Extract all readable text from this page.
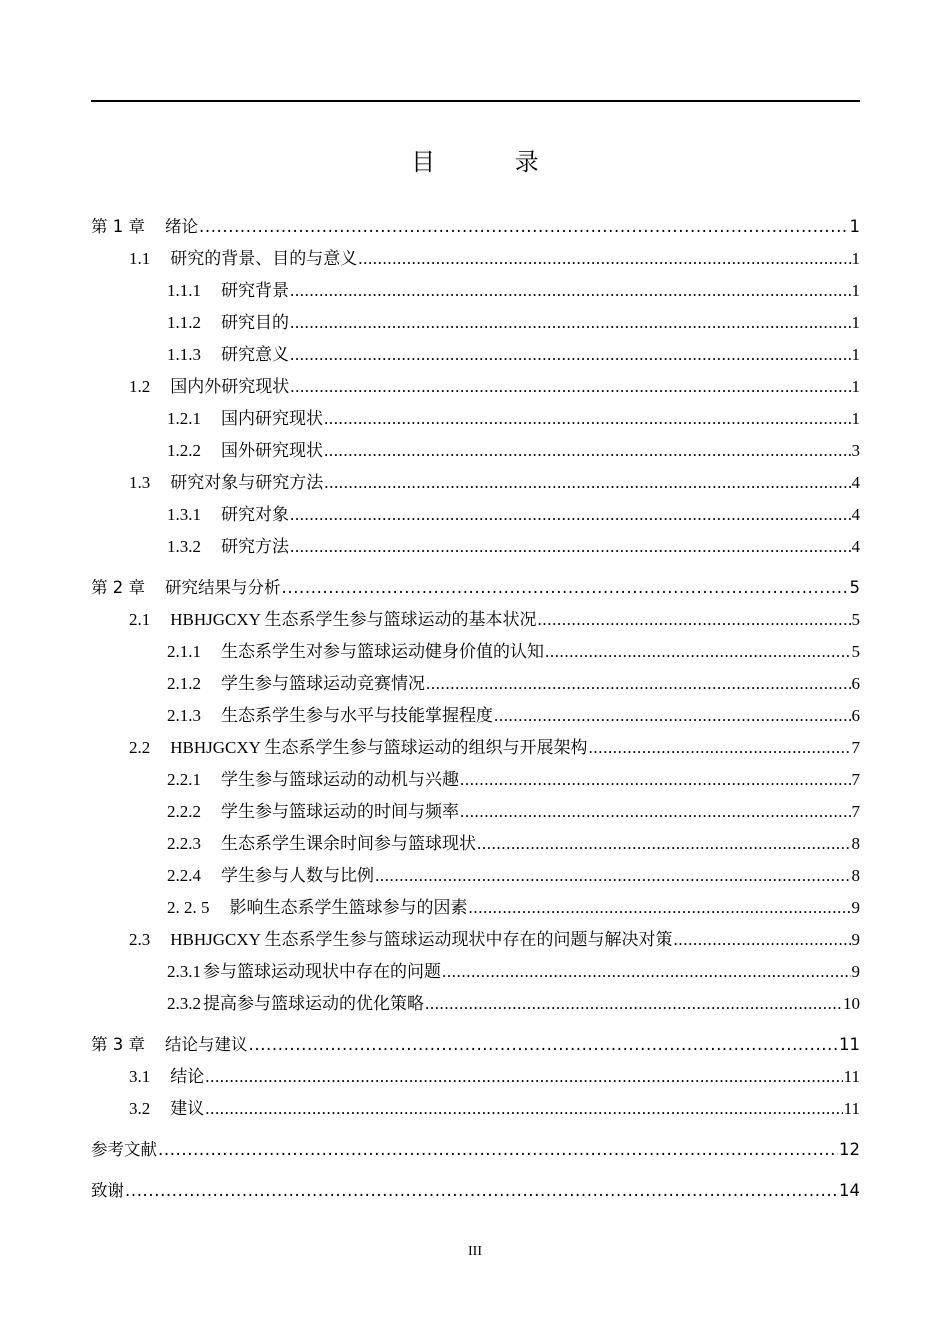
目 录
第 1 章 绪论 .....	1
1.1 研究的背景、目的与意义 .....	1
1.1.1 研究背景 .....	1
1.1.2 研究目的 .....	1
1.1.3 研究意义 .....	1
1.2 国内外研究现状 .....	1
1.2.1 国内研究现状 .....	1
1.2.2 国外研究现状 .....	3
1.3 研究对象与研究方法 .....	4
1.3.1 研究对象 .....	4
1.3.2 研究方法 .....	4
第 2 章 研究结果与分析 .....	5
2.1 HBHJGCXY 生态系学生参与篮球运动的基本状况 .....	5
2.1.1 生态系学生对参与篮球运动健身价值的认知 .....	5
2.1.2 学生参与篮球运动竞赛情况 .....	6
2.1.3 生态系学生参与水平与技能掌握程度 .....	6
2.2 HBHJGCXY 生态系学生参与篮球运动的组织与开展架构 .....	7
2.2.1 学生参与篮球运动的动机与兴趣 .....	7
2.2.2 学生参与篮球运动的时间与频率 .....	7
2.2.3 生态系学生课余时间参与篮球现状 .....	8
2.2.4 学生参与人数与比例 .....	8
2. 2. 5 影响生态系学生篮球参与的因素 .....	9
2.3 HBHJGCXY 生态系学生参与篮球运动现状中存在的问题与解决对策 .....	9
2.3.1 参与篮球运动现状中存在的问题 .....	9
2.3.2 提高参与篮球运动的优化策略 .....	10
第 3 章 结论与建议 .....	11
3.1 结论 .....	11
3.2 建议 .....	11
参考文献 .....	12
致谢 .....	14
III
